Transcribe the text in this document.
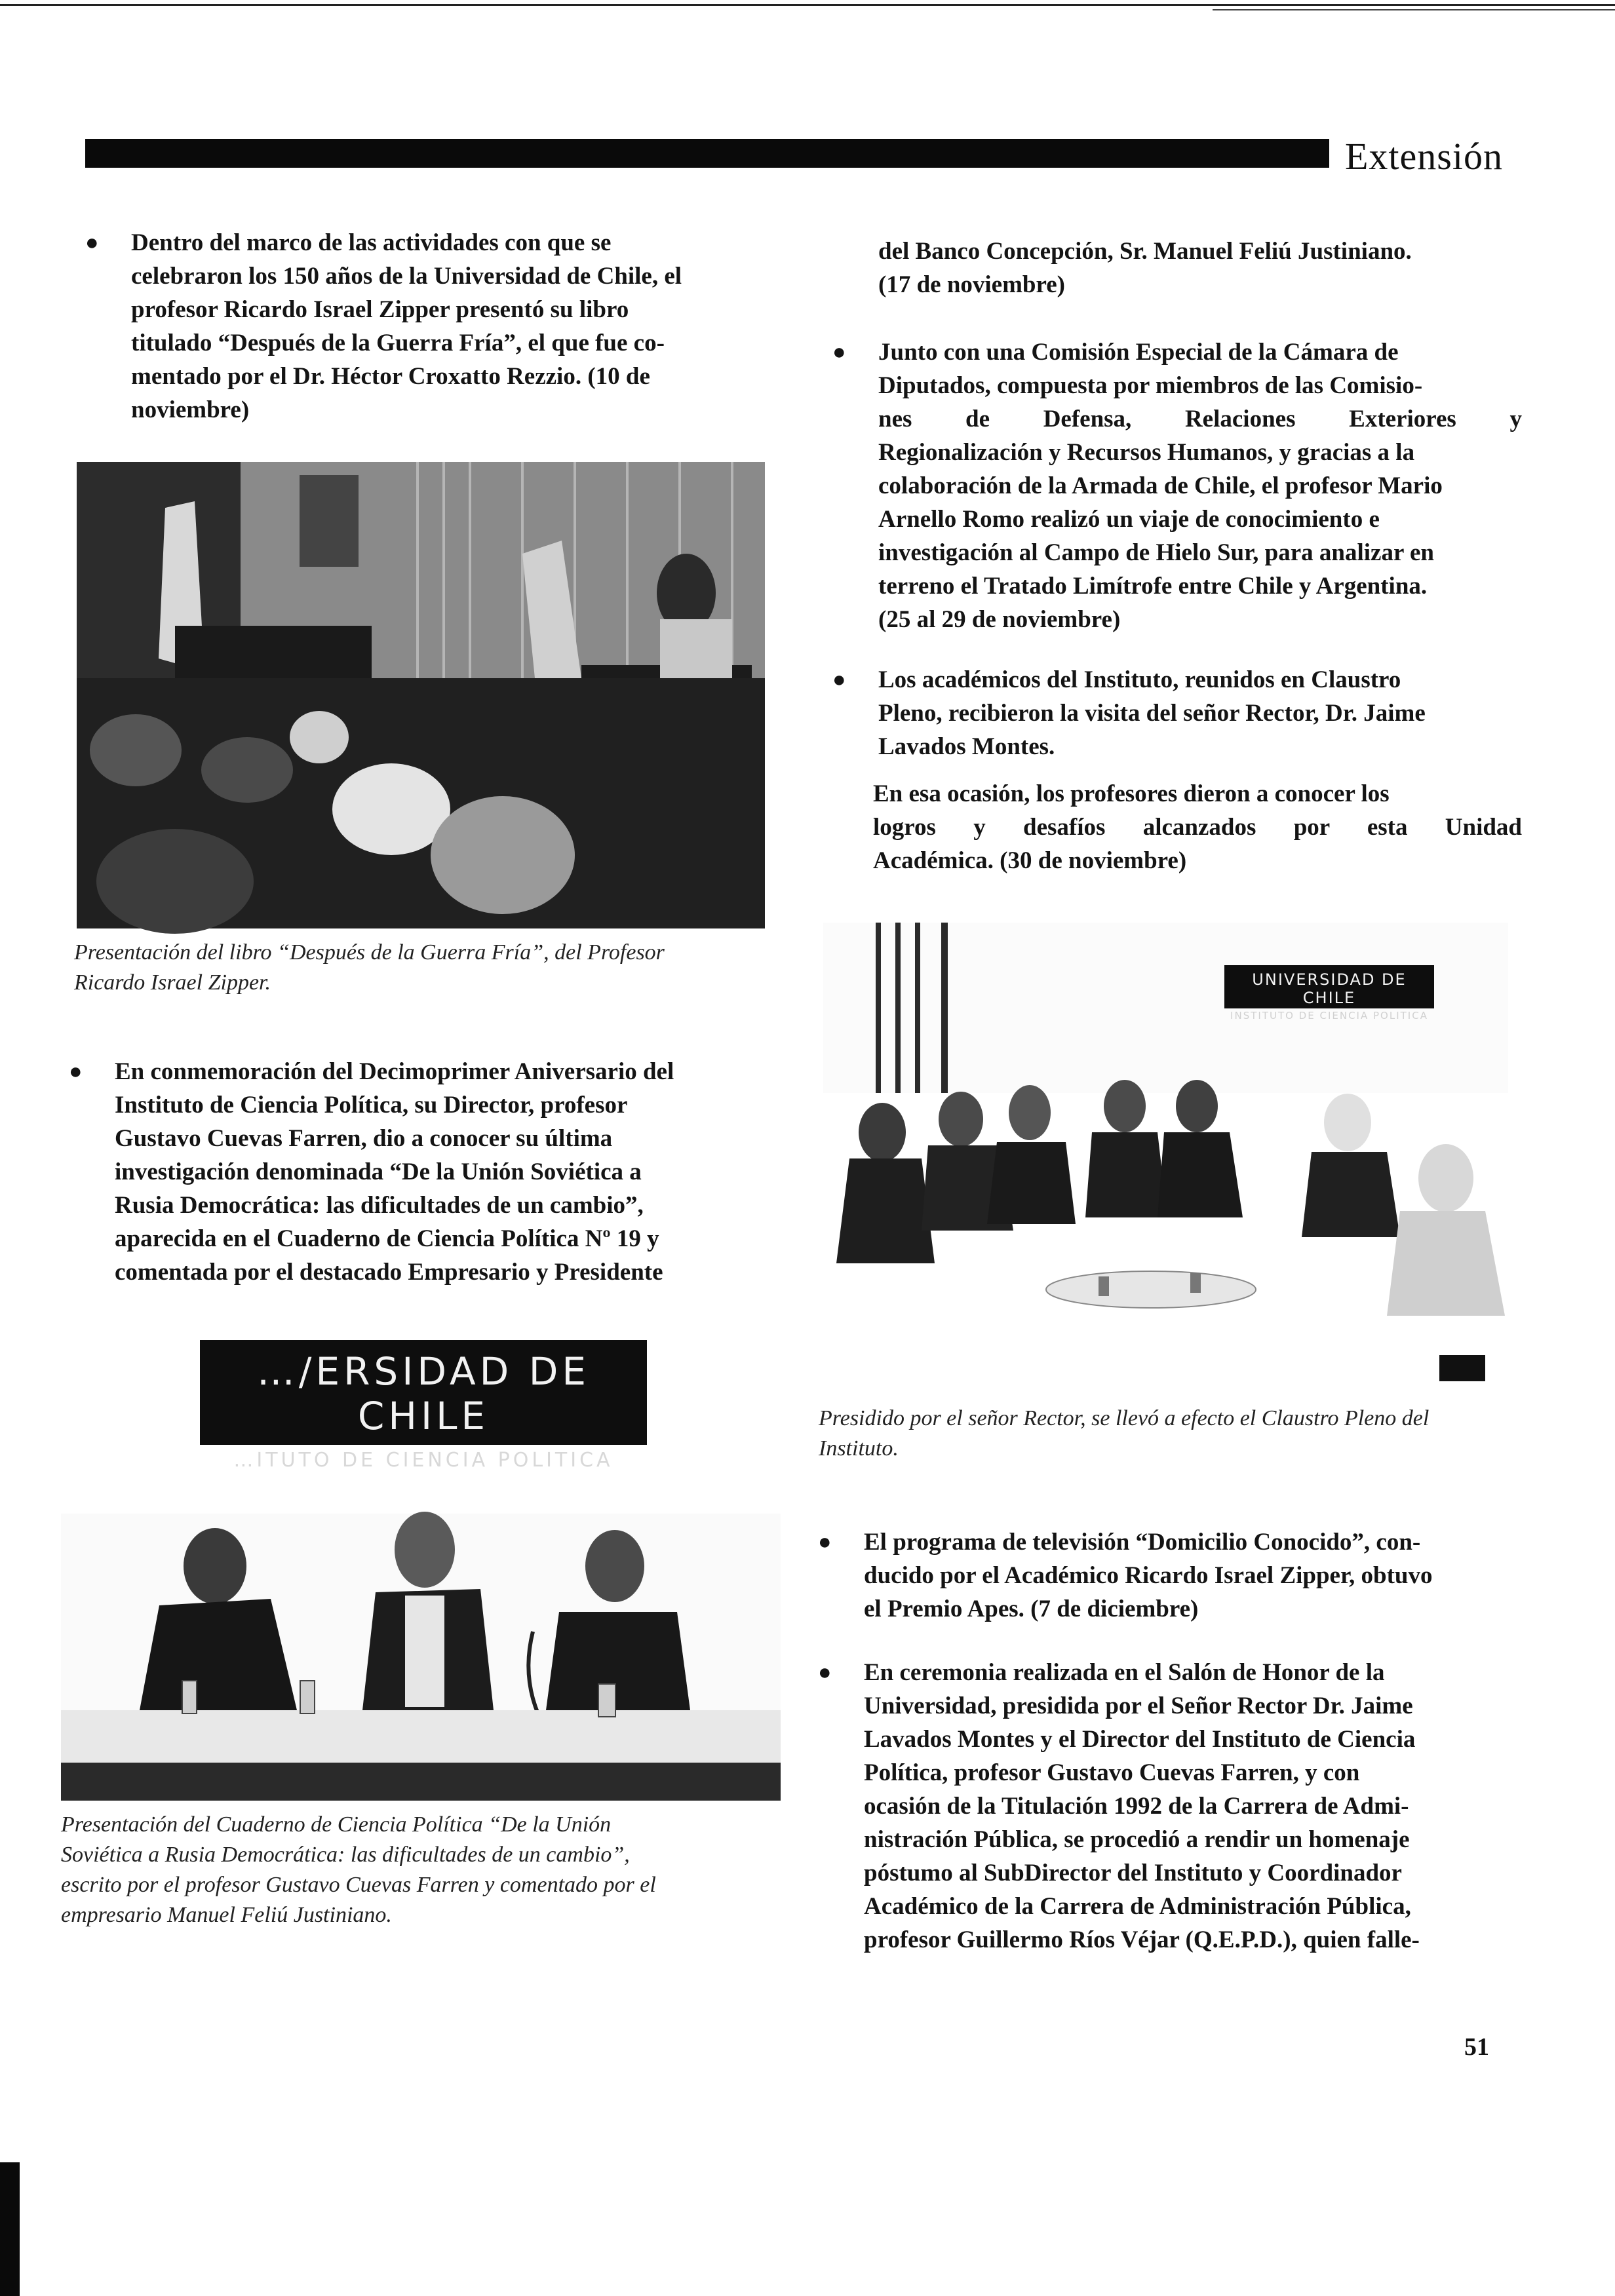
Extensión
● Dentro del marco de las actividades con que se
celebraron los 150 años de la Universidad de Chile, el
profesor Ricardo Israel Zipper presentó su libro
titulado “Después de la Guerra Fría”, el que fue co-
mentado por el Dr. Héctor Croxatto Rezzio. (10 de
noviembre)
Presentación del libro “Después de la Guerra Fría”, del Profesor
Ricardo Israel Zipper.
● En conmemoración del Decimoprimer Aniversario del
Instituto de Ciencia Política, su Director, profesor
Gustavo Cuevas Farren, dio a conocer su última
investigación denominada “De la Unión Soviética a
Rusia Democrática: las dificultades de un cambio”,
aparecida en el Cuaderno de Ciencia Política Nº 19 y
comentada por el destacado Empresario y Presidente
…/ERSIDAD DE CHILE
…ITUTO DE CIENCIA POLITICA
Presentación del Cuaderno de Ciencia Política “De la Unión
Soviética a Rusia Democrática: las dificultades de un cambio”,
escrito por el profesor Gustavo Cuevas Farren y comentado por el
empresario Manuel Feliú Justiniano.
del Banco Concepción, Sr. Manuel Feliú Justiniano.
(17 de noviembre)
● Junto con una Comisión Especial de la Cámara de
Diputados, compuesta por miembros de las Comisio-
nes de Defensa, Relaciones Exteriores y
Regionalización y Recursos Humanos, y gracias a la
colaboración de la Armada de Chile, el profesor Mario
Arnello Romo realizó un viaje de conocimiento e
investigación al Campo de Hielo Sur, para analizar en
terreno el Tratado Limítrofe entre Chile y Argentina.
(25 al 29 de noviembre)
● Los académicos del Instituto, reunidos en Claustro
Pleno, recibieron la visita del señor Rector, Dr. Jaime
Lavados Montes.
En esa ocasión, los profesores dieron a conocer los
logros y desafíos alcanzados por esta Unidad
Académica. (30 de noviembre)
UNIVERSIDAD DE CHILE
INSTITUTO DE CIENCIA POLITICA
Presidido por el señor Rector, se llevó a efecto el Claustro Pleno del
Instituto.
● El programa de televisión “Domicilio Conocido”, con-
ducido por el Académico Ricardo Israel Zipper, obtuvo
el Premio Apes. (7 de diciembre)
● En ceremonia realizada en el Salón de Honor de la
Universidad, presidida por el Señor Rector Dr. Jaime
Lavados Montes y el Director del Instituto de Ciencia
Política, profesor Gustavo Cuevas Farren, y con
ocasión de la Titulación 1992 de la Carrera de Admi-
nistración Pública, se procedió a rendir un homenaje
póstumo al SubDirector del Instituto y Coordinador
Académico de la Carrera de Administración Pública,
profesor Guillermo Ríos Véjar (Q.E.P.D.), quien falle-
51
